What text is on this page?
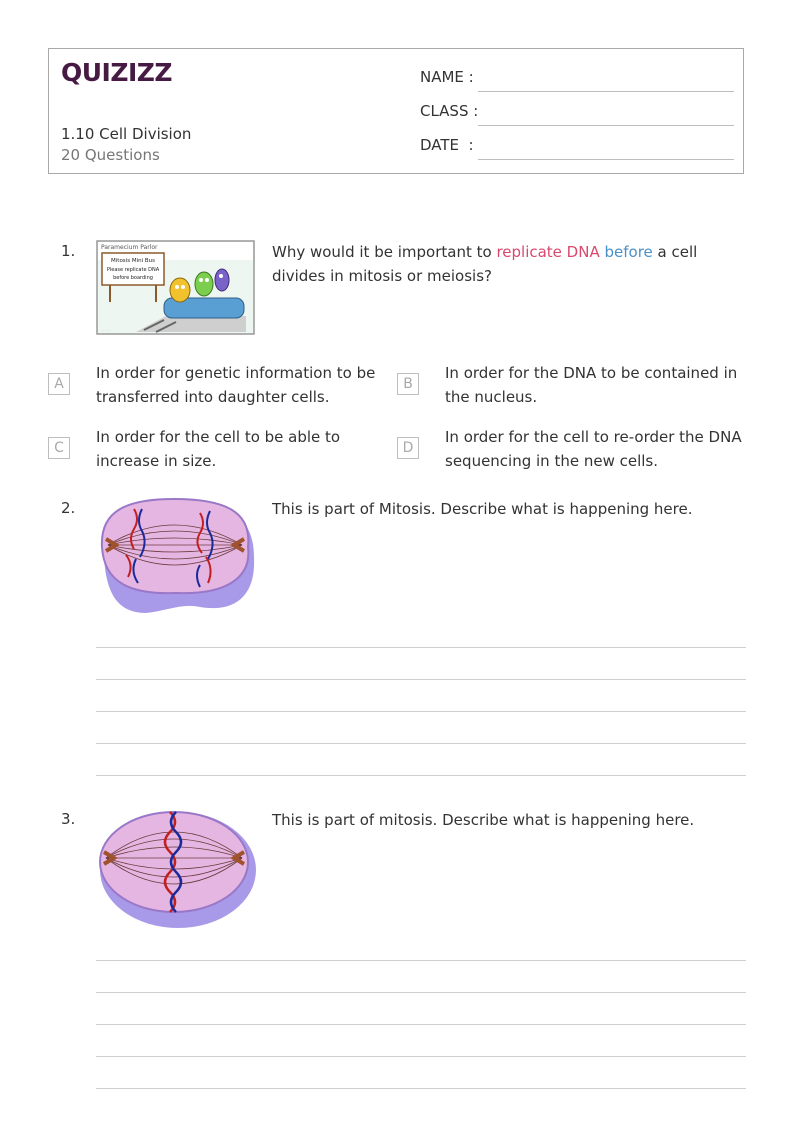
QUIZIZZ
1.10 Cell Division
20 Questions
NAME :
CLASS :
DATE  :
1.	Paramecium Parlor
Mitosis Mini Bus
Please replicate DNA
before boarding
. . . . .
Why would it be important to replicate DNA before a cell divides in mitosis or meiosis?
A
In order for genetic information to be transferred into daughter cells.
B
In order for the DNA to be contained in the nucleus.
C
In order for the cell to be able to increase in size.
D
In order for the cell to re-order the DNA sequencing in the new cells.
2.	This is part of Mitosis. Describe what is happening here.
3.	This is part of mitosis. Describe what is happening here.
